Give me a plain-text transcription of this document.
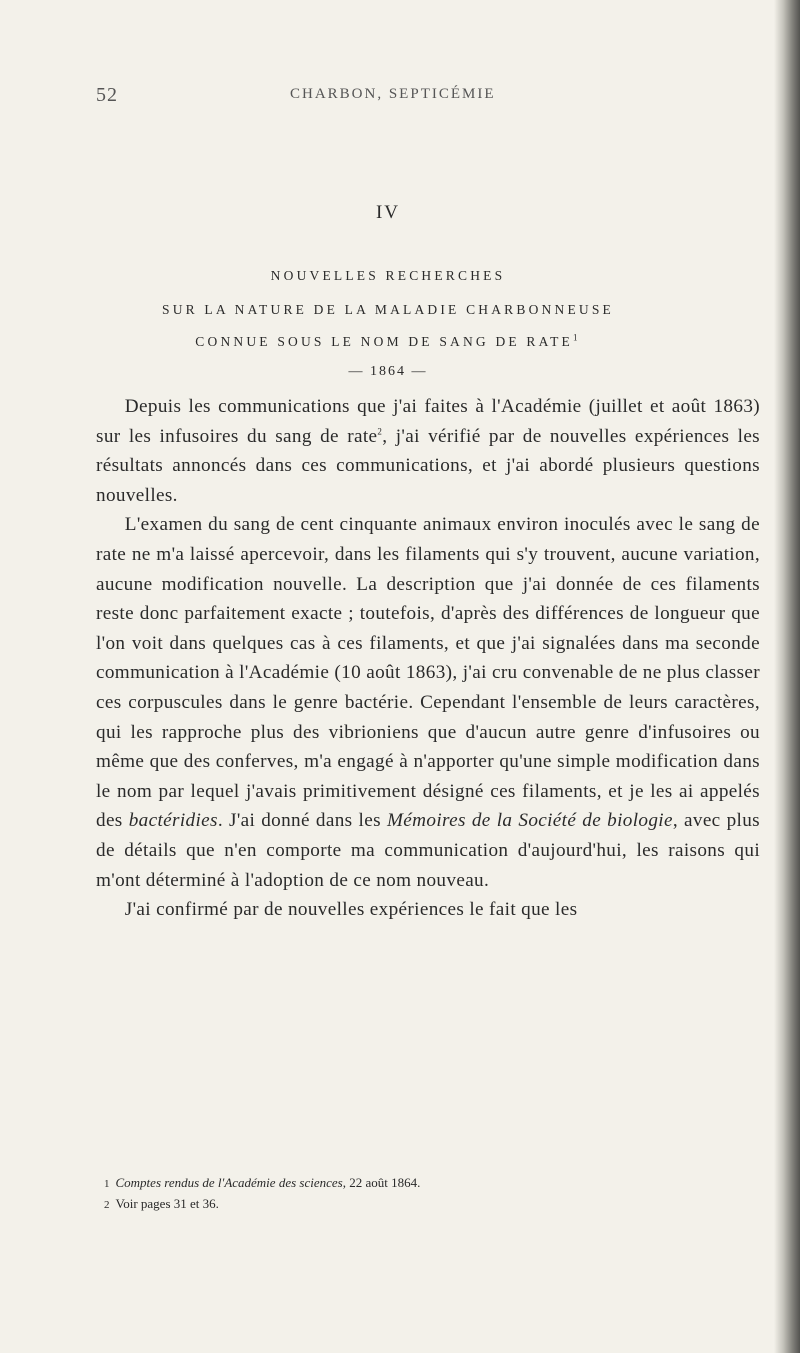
52	CHARBON, SEPTICÉMIE
IV
NOUVELLES RECHERCHES
SUR LA NATURE DE LA MALADIE CHARBONNEUSE
CONNUE SOUS LE NOM DE SANG DE RATE$^1$
— 1864 —

Depuis les communications que j'ai faites à l'Académie (juillet et août 1863) sur les infusoires du sang de rate$^2$, j'ai vérifié par de nouvelles expériences les résultats annoncés dans ces communications, et j'ai abordé plusieurs questions nouvelles.

L'examen du sang de cent cinquante animaux environ inoculés avec le sang de rate ne m'a laissé apercevoir, dans les filaments qui s'y trouvent, aucune variation, aucune modification nouvelle. La description que j'ai donnée de ces filaments reste donc parfaitement exacte ; toutefois, d'après des différences de longueur que l'on voit dans quelques cas à ces filaments, et que j'ai signalées dans ma seconde communication à l'Académie (10 août 1863), j'ai cru convenable de ne plus classer ces corpuscules dans le genre bactérie. Cependant l'ensemble de leurs caractères, qui les rapproche plus des vibrioniens que d'aucun autre genre d'infusoires ou même que des conferves, m'a engagé à n'apporter qu'une simple modification dans le nom par lequel j'avais primitivement désigné ces filaments, et je les ai appelés des bactéridies. J'ai donné dans les Mémoires de la Société de biologie, avec plus de détails que n'en comporte ma communication d'aujourd'hui, les raisons qui m'ont déterminé à l'adoption de ce nom nouveau.

J'ai confirmé par de nouvelles expériences le fait que les

1 Comptes rendus de l'Académie des sciences, 22 août 1864.
2 Voir pages 31 et 36.
